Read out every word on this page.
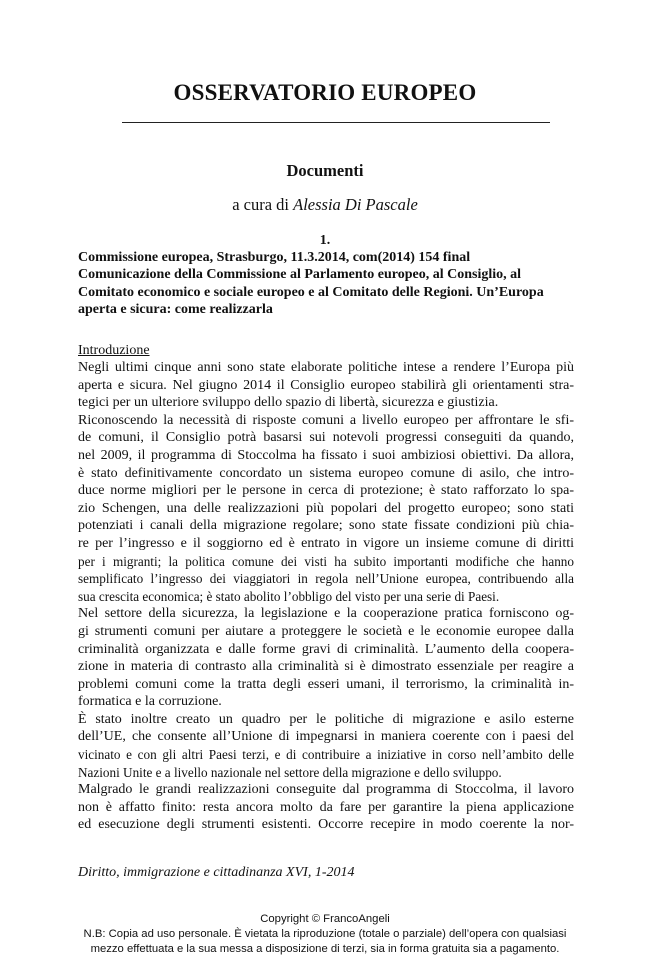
OSSERVATORIO EUROPEO
Documenti

a cura di Alessia Di Pascale

1.

Commissione europea, Strasburgo, 11.3.2014, com(2014) 154 final
Comunicazione della Commissione al Parlamento europeo, al Consiglio, al
Comitato economico e sociale europeo e al Comitato delle Regioni. Un’Europa
aperta e sicura: come realizzarla

Introduzione

Negli ultimi cinque anni sono state elaborate politiche intese a rendere l’Europa più
aperta e sicura. Nel giugno 2014 il Consiglio europeo stabilirà gli orientamenti stra-
tegici per un ulteriore sviluppo dello spazio di libertà, sicurezza e giustizia.

Riconoscendo la necessità di risposte comuni a livello europeo per affrontare le sfi-
de comuni, il Consiglio potrà basarsi sui notevoli progressi conseguiti da quando,
nel 2009, il programma di Stoccolma ha fissato i suoi ambiziosi obiettivi. Da allora,
è stato definitivamente concordato un sistema europeo comune di asilo, che intro-
duce norme migliori per le persone in cerca di protezione; è stato rafforzato lo spa-
zio Schengen, una delle realizzazioni più popolari del progetto europeo; sono stati
potenziati i canali della migrazione regolare; sono state fissate condizioni più chia-
re per l’ingresso e il soggiorno ed è entrato in vigore un insieme comune di diritti
per i migranti; la politica comune dei visti ha subito importanti modifiche che hanno
semplificato l’ingresso dei viaggiatori in regola nell’Unione europea, contribuendo alla
sua crescita economica; è stato abolito l’obbligo del visto per una serie di Paesi.

Nel settore della sicurezza, la legislazione e la cooperazione pratica forniscono og-
gi strumenti comuni per aiutare a proteggere le società e le economie europee dalla
criminalità organizzata e dalle forme gravi di criminalità. L’aumento della coopera-
zione in materia di contrasto alla criminalità si è dimostrato essenziale per reagire a
problemi comuni come la tratta degli esseri umani, il terrorismo, la criminalità in-
formatica e la corruzione.

È stato inoltre creato un quadro per le politiche di migrazione e asilo esterne
dell’UE, che consente all’Unione di impegnarsi in maniera coerente con i paesi del
vicinato e con gli altri Paesi terzi, e di contribuire a iniziative in corso nell’ambito delle
Nazioni Unite e a livello nazionale nel settore della migrazione e dello sviluppo.

Malgrado le grandi realizzazioni conseguite dal programma di Stoccolma, il lavoro
non è affatto finito: resta ancora molto da fare per garantire la piena applicazione
ed esecuzione degli strumenti esistenti. Occorre recepire in modo coerente la nor-

Diritto, immigrazione e cittadinanza XVI, 1-2014

Copyright © FrancoAngeli
N.B: Copia ad uso personale. È vietata la riproduzione (totale o parziale) dell’opera con qualsiasi
mezzo effettuata e la sua messa a disposizione di terzi, sia in forma gratuita sia a pagamento.
